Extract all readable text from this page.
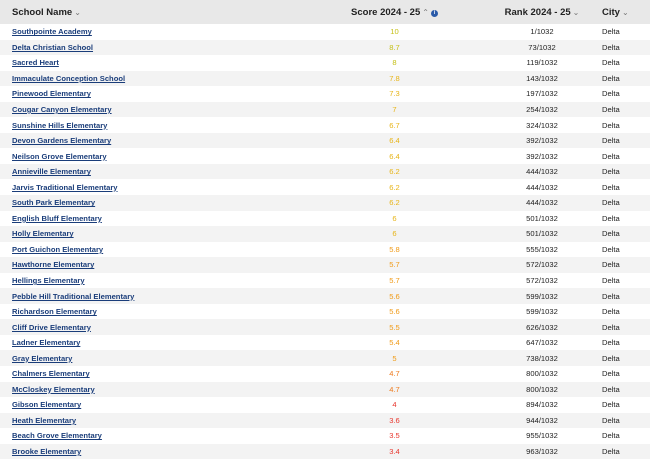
School Name ⌄	Score 2024 - 25 ⌃ i	Rank 2024 - 25 ⌄	City ⌄
Southpointe Academy	10	1/1032	Delta
Delta Christian School	8.7	73/1032	Delta
Sacred Heart	8	119/1032	Delta
Immaculate Conception School	7.8	143/1032	Delta
Pinewood Elementary	7.3	197/1032	Delta
Cougar Canyon Elementary	7	254/1032	Delta
Sunshine Hills Elementary	6.7	324/1032	Delta
Devon Gardens Elementary	6.4	392/1032	Delta
Neilson Grove Elementary	6.4	392/1032	Delta
Annieville Elementary	6.2	444/1032	Delta
Jarvis Traditional Elementary	6.2	444/1032	Delta
South Park Elementary	6.2	444/1032	Delta
English Bluff Elementary	6	501/1032	Delta
Holly Elementary	6	501/1032	Delta
Port Guichon Elementary	5.8	555/1032	Delta
Hawthorne Elementary	5.7	572/1032	Delta
Hellings Elementary	5.7	572/1032	Delta
Pebble Hill Traditional Elementary	5.6	599/1032	Delta
Richardson Elementary	5.6	599/1032	Delta
Cliff Drive Elementary	5.5	626/1032	Delta
Ladner Elementary	5.4	647/1032	Delta
Gray Elementary	5	738/1032	Delta
Chalmers Elementary	4.7	800/1032	Delta
McCloskey Elementary	4.7	800/1032	Delta
Gibson Elementary	4	894/1032	Delta
Heath Elementary	3.6	944/1032	Delta
Beach Grove Elementary	3.5	955/1032	Delta
Brooke Elementary	3.4	963/1032	Delta
